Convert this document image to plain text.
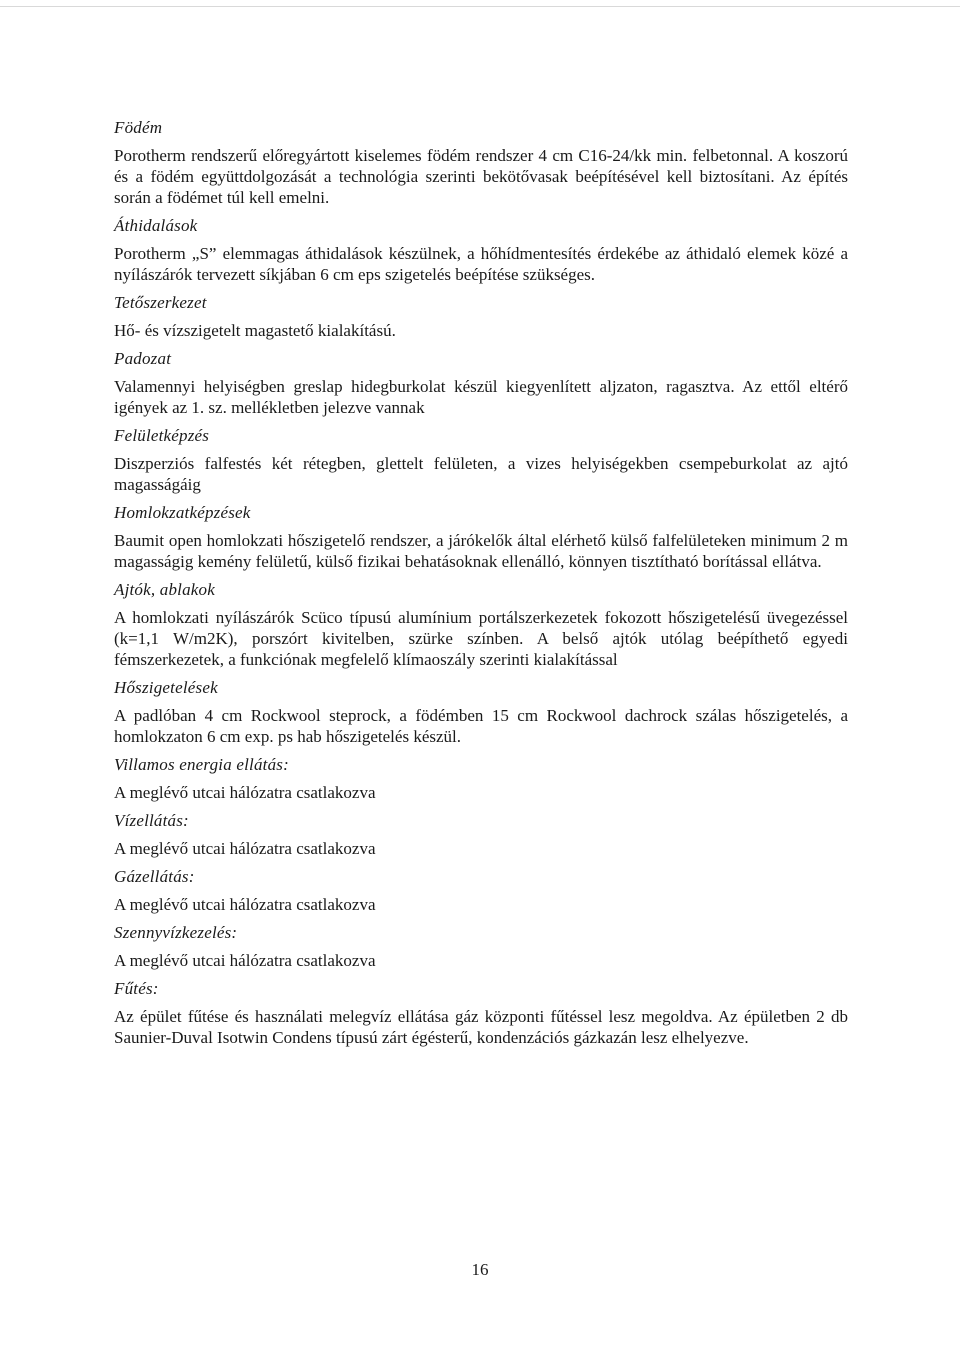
Födém

Porotherm rendszerű előregyártott kiselemes födém rendszer 4 cm C16-24/kk min. felbetonnal. A koszorú és a födém együttdolgozását a technológia szerinti bekötővasak beépítésével kell biztosítani. Az építés során a födémet túl kell emelni.

Áthidalások

Porotherm „S” elemmagas áthidalások készülnek, a hőhídmentesítés érdekébe az áthidaló elemek közé a nyílászárók tervezett síkjában 6 cm eps szigetelés beépítése szükséges.

Tetőszerkezet

Hő- és vízszigetelt magastető kialakítású.

Padozat

Valamennyi helyiségben greslap hidegburkolat készül kiegyenlített aljzaton, ragasztva. Az ettől eltérő igények az 1. sz. mellékletben jelezve vannak

Felületképzés

Diszperziós falfestés két rétegben, glettelt felületen, a vizes helyiségekben csempeburkolat az ajtó magasságáig

Homlokzatképzések

Baumit open homlokzati hőszigetelő rendszer, a járókelők által elérhető külső falfelületeken minimum 2 m magasságig kemény felületű, külső fizikai behatásoknak ellenálló, könnyen tisztítható borítással ellátva.

Ajtók, ablakok

A homlokzati nyílászárók Scüco típusú alumínium portálszerkezetek fokozott hőszigetelésű üvegezéssel (k=1,1 W/m2K), porszórt kivitelben, szürke színben. A belső ajtók utólag beépíthető egyedi fémszerkezetek, a funkciónak megfelelő klímaoszály szerinti kialakítással

Hőszigetelések

A padlóban 4 cm Rockwool steprock, a födémben 15 cm Rockwool dachrock szálas hőszigetelés, a homlokzaton 6 cm exp. ps hab hőszigetelés készül.

Villamos energia ellátás:

A meglévő utcai hálózatra csatlakozva

Vízellátás:

A meglévő utcai hálózatra csatlakozva

Gázellátás:

A meglévő utcai hálózatra csatlakozva

Szennyvízkezelés:

A meglévő utcai hálózatra csatlakozva

Fűtés:

Az épület fűtése és használati melegvíz ellátása gáz központi fűtéssel lesz megoldva. Az épületben 2 db Saunier-Duval Isotwin Condens típusú zárt égésterű, kondenzációs gázkazán lesz elhelyezve.

16
